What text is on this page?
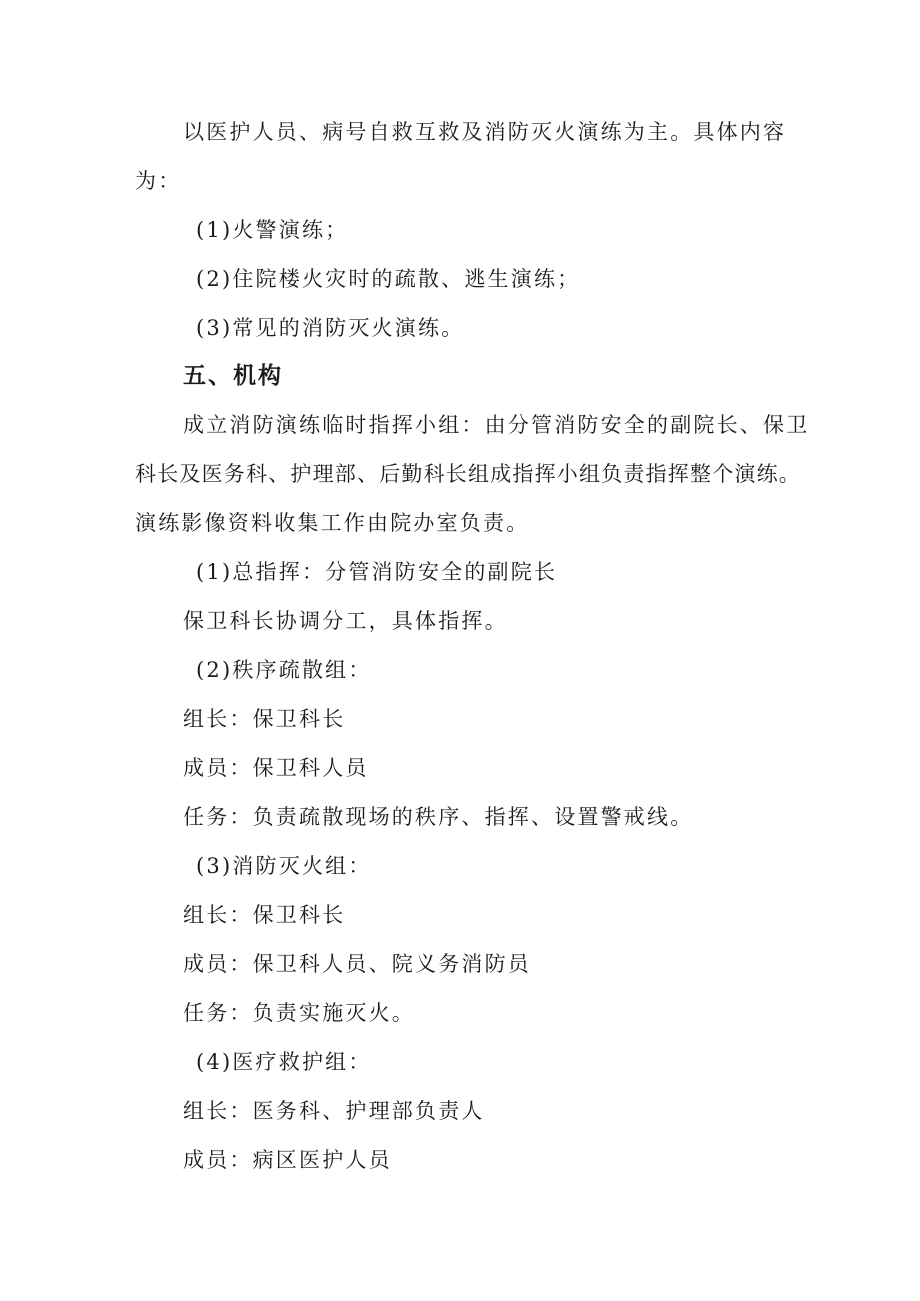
以医护人员、病号自救互救及消防灭火演练为主。具体内容
为：
(1)火警演练；
(2)住院楼火灾时的疏散、逃生演练；
(3)常见的消防灭火演练。
五、机构
成立消防演练临时指挥小组：由分管消防安全的副院长、保卫
科长及医务科、护理部、后勤科长组成指挥小组负责指挥整个演练。
演练影像资料收集工作由院办室负责。
(1)总指挥：分管消防安全的副院长
保卫科长协调分工，具体指挥。
(2)秩序疏散组：
组长：保卫科长
成员：保卫科人员
任务：负责疏散现场的秩序、指挥、设置警戒线。
(3)消防灭火组：
组长：保卫科长
成员：保卫科人员、院义务消防员
任务：负责实施灭火。
(4)医疗救护组：
组长：医务科、护理部负责人
成员：病区医护人员
